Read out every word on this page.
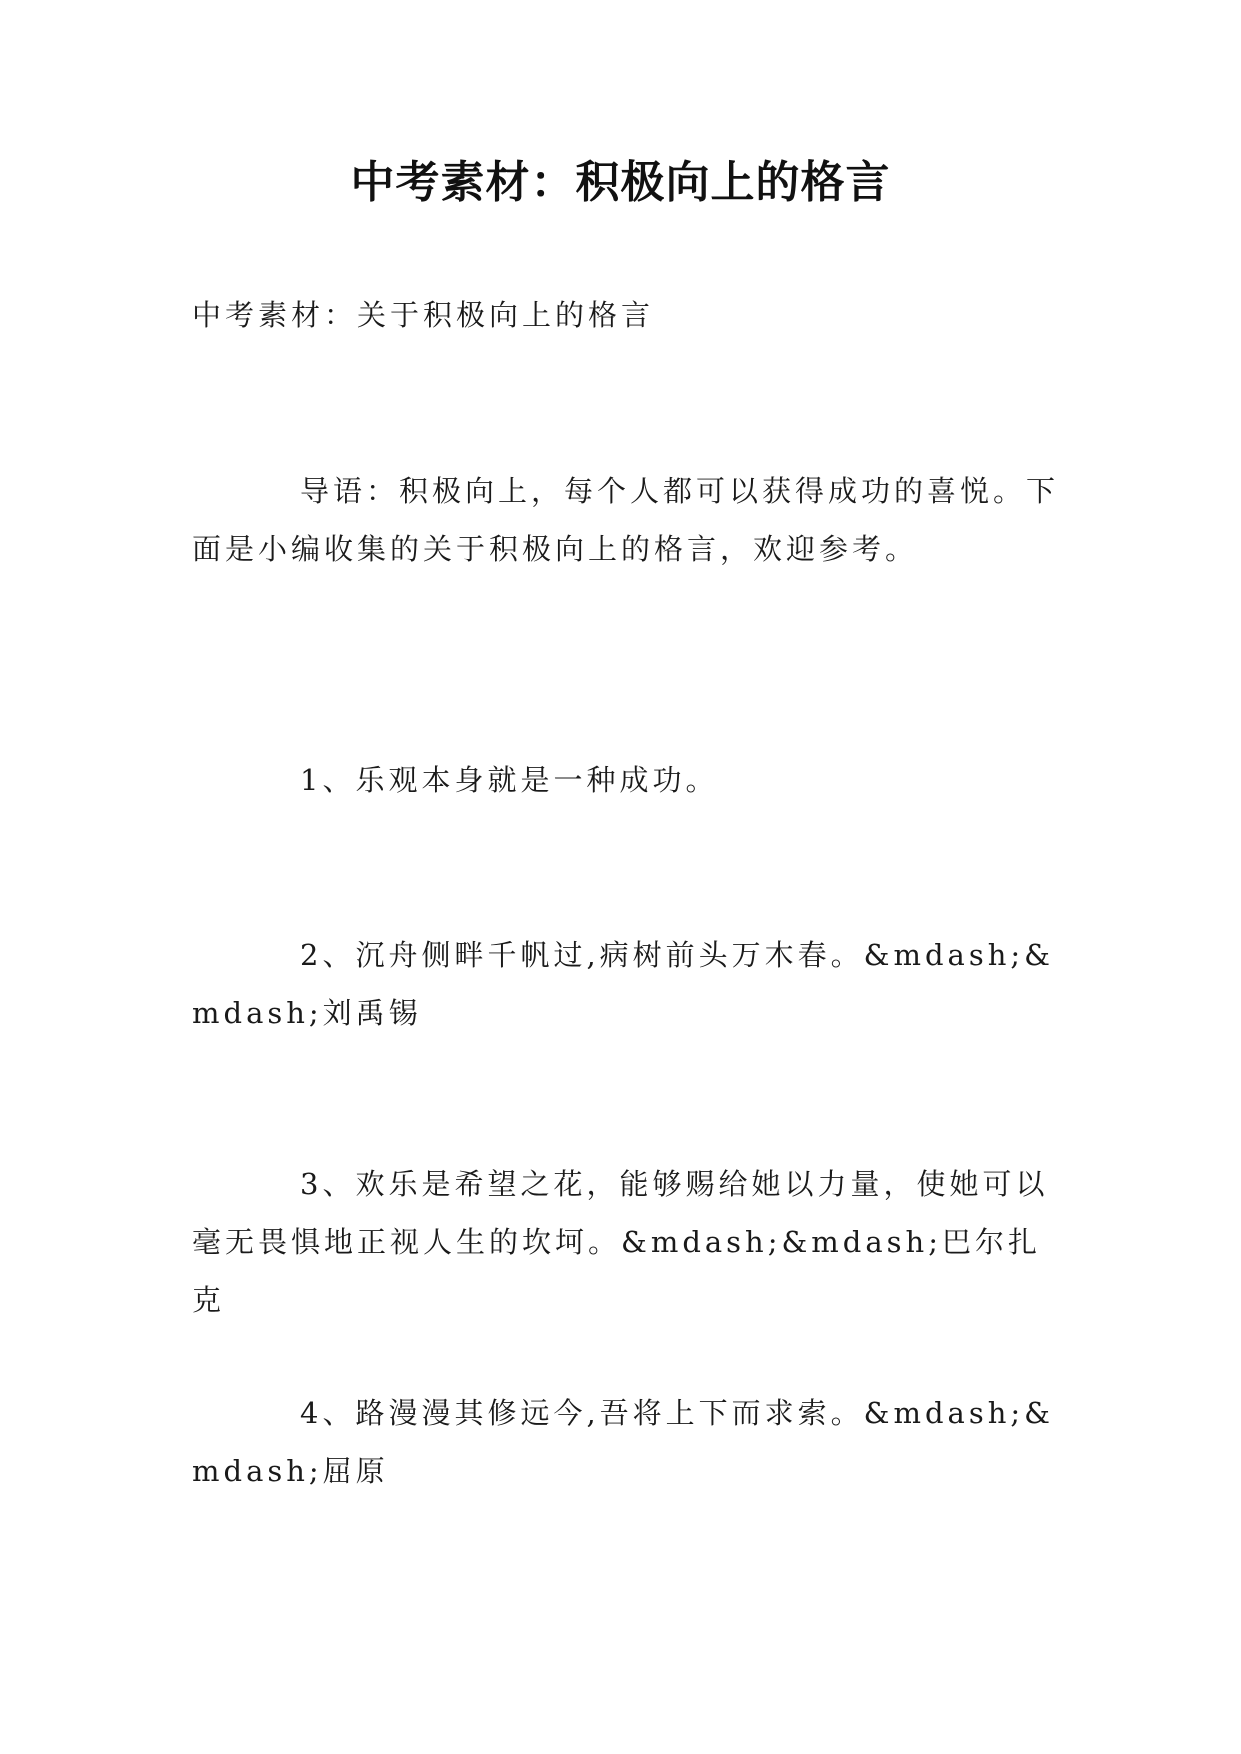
中考素材：积极向上的格言
中考素材：关于积极向上的格言
导语：积极向上，每个人都可以获得成功的喜悦。下面是小编收集的关于积极向上的格言，欢迎参考。
1、乐观本身就是一种成功。
2、沉舟侧畔千帆过,病树前头万木春。&mdash;&mdash;刘禹锡
3、欢乐是希望之花，能够赐给她以力量，使她可以毫无畏惧地正视人生的坎坷。&mdash;&mdash;巴尔扎克
4、路漫漫其修远今,吾将上下而求索。&mdash;&mdash;屈原
